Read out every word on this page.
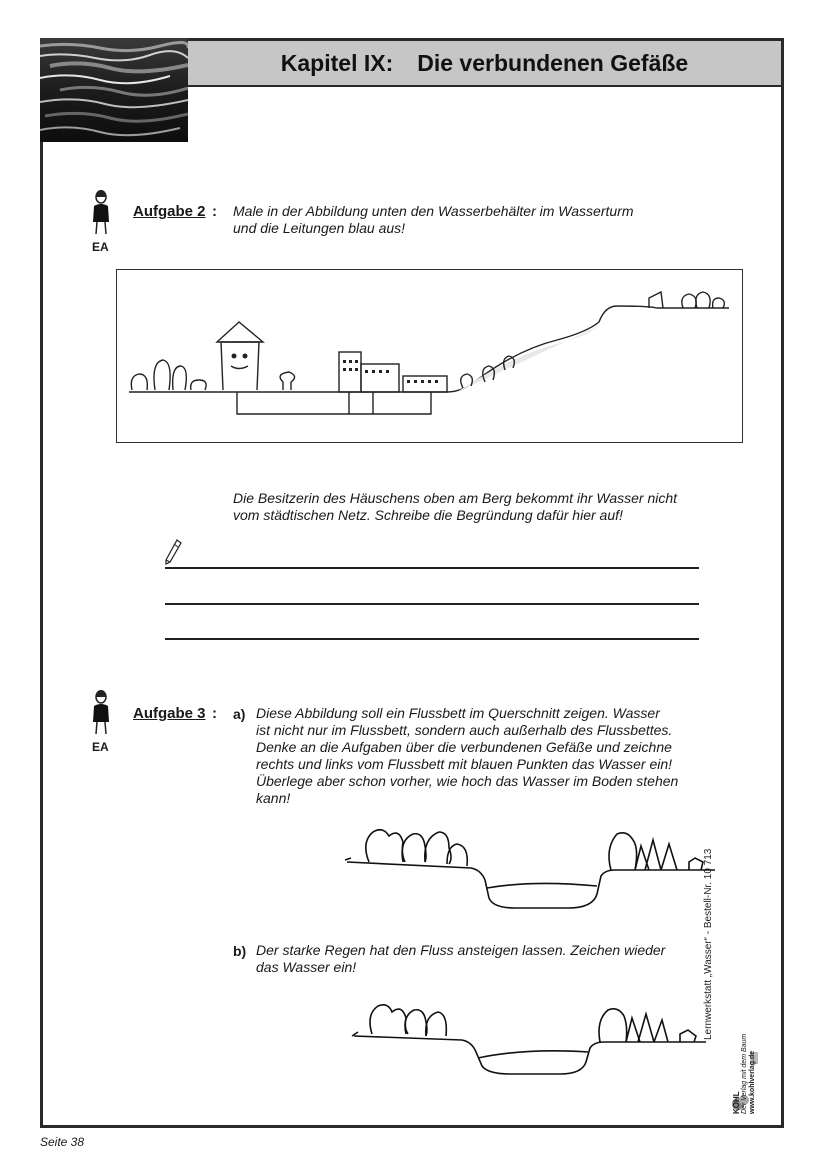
Kapitel IX: Die verbundenen Gefäße
EA
Aufgabe 2 : Male in der Abbildung unten den Wasserbehälter im Wasserturm
und die Leitungen blau aus!
Die Besitzerin des Häuschens oben am Berg bekommt ihr Wasser nicht
vom städtischen Netz. Schreibe die Begründung dafür hier auf!
EA
Aufgabe 3 : a) Diese Abbildung soll ein Flussbett im Querschnitt zeigen. Wasser
ist nicht nur im Flussbett, sondern auch außerhalb des Flussbettes.
Denke an die Aufgaben über die verbundenen Gefäße und zeichne
rechts und links vom Flussbett mit blauen Punkten das Wasser ein!
Überlege aber schon vorher, wie hoch das Wasser im Boden stehen
kann!
b) Der starke Regen hat den Fluss ansteigen lassen. Zeichen wieder
das Wasser ein!	Lernwerkstatt „Wasser“ - Bestell-Nr. 10 713
KOHL Der Verlag mit dem Baum www.kohlverlag.de
Seite 38
